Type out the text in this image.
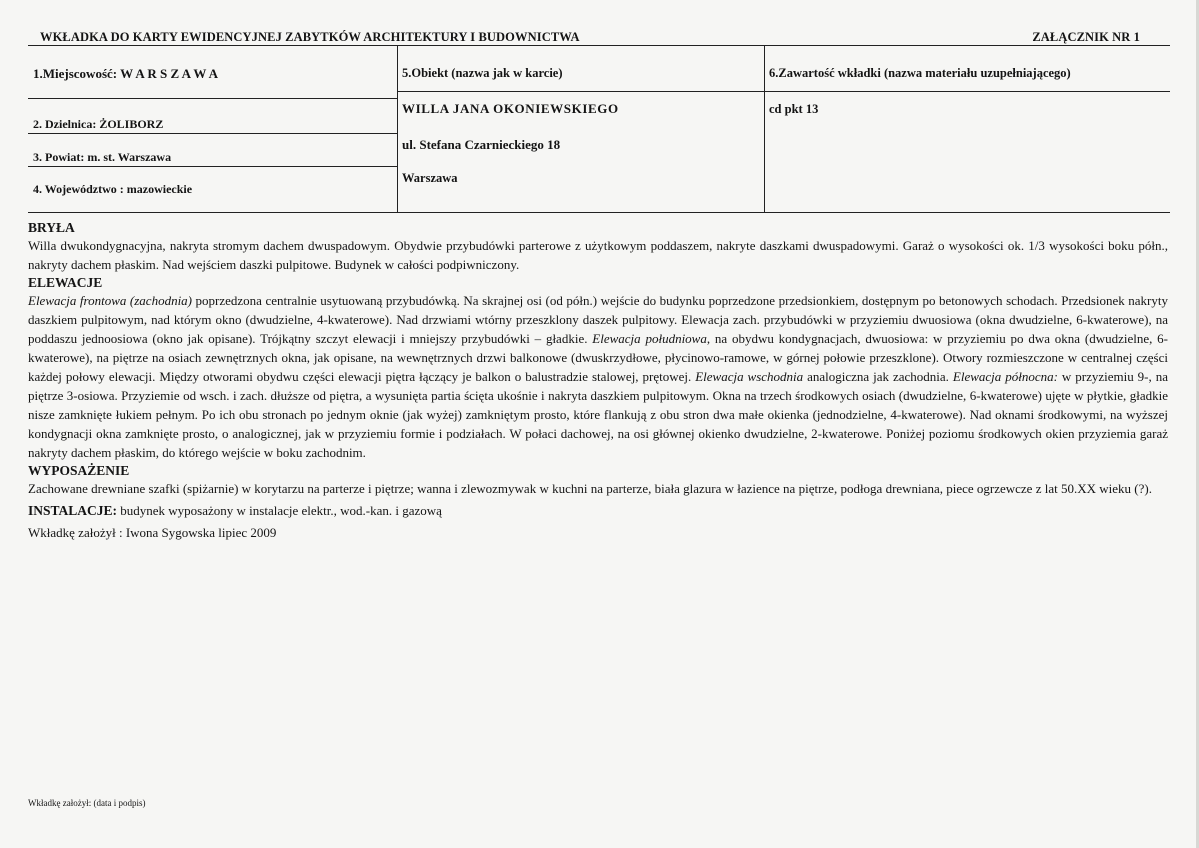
WKŁADKA DO KARTY EWIDENCYJNEJ ZABYTKÓW ARCHITEKTURY I BUDOWNICTWA	ZAŁĄCZNIK NR 1
1.Miejscowość: W A R S Z A W A
2. Dzielnica: ŻOLIBORZ
3. Powiat: m. st. Warszawa
4. Województwo : mazowieckie
5.Obiekt (nazwa jak w karcie)
WILLA JANA OKONIEWSKIEGO
ul. Stefana Czarnieckiego 18
Warszawa
6.Zawartość wkładki (nazwa materiału uzupełniającego)
cd pkt 13

BRYŁA

Willa dwukondygnacyjna, nakryta stromym dachem dwuspadowym. Obydwie przybudówki parterowe z użytkowym poddaszem, nakryte daszkami dwuspadowymi. Garaż o wysokości ok. 1/3 wysokości boku półn., nakryty dachem płaskim. Nad wejściem daszki pulpitowe. Budynek w całości podpiwniczony.

ELEWACJE

Elewacja frontowa (zachodnia) poprzedzona centralnie usytuowaną przybudówką. Na skrajnej osi (od półn.) wejście do budynku poprzedzone przedsionkiem, dostępnym po betonowych schodach. Przedsionek nakryty daszkiem pulpitowym, nad którym okno (dwudzielne, 4-kwaterowe). Nad drzwiami wtórny przeszklony daszek pulpitowy. Elewacja zach. przybudówki w przyziemiu dwuosiowa (okna dwudzielne, 6-kwaterowe), na poddaszu jednoosiowa (okno jak opisane). Trójkątny szczyt elewacji i mniejszy przybudówki – gładkie. Elewacja południowa, na obydwu kondygnacjach, dwuosiowa: w przyziemiu po dwa okna (dwudzielne, 6-kwaterowe), na piętrze na osiach zewnętrznych okna, jak opisane, na wewnętrznych drzwi balkonowe (dwuskrzydłowe, płycinowo-ramowe, w górnej połowie przeszklone). Otwory rozmieszczone w centralnej części każdej połowy elewacji. Między otworami obydwu części elewacji piętra łączący je balkon o balustradzie stalowej, prętowej. Elewacja wschodnia analogiczna jak zachodnia. Elewacja północna: w przyziemiu 9-, na piętrze 3-osiowa. Przyziemie od wsch. i zach. dłuższe od piętra, a wysunięta partia ścięta ukośnie i nakryta daszkiem pulpitowym. Okna na trzech środkowych osiach (dwudzielne, 6-kwaterowe) ujęte w płytkie, gładkie nisze zamknięte łukiem pełnym. Po ich obu stronach po jednym oknie (jak wyżej) zamkniętym prosto, które flankują z obu stron dwa małe okienka (jednodzielne, 4-kwaterowe). Nad oknami środkowymi, na wyższej kondygnacji okna zamknięte prosto, o analogicznej, jak w przyziemiu formie i podziałach. W połaci dachowej, na osi głównej okienko dwudzielne, 2-kwaterowe. Poniżej poziomu środkowych okien przyziemia garaż nakryty dachem płaskim, do którego wejście w boku zachodnim.

WYPOSAŻENIE

Zachowane drewniane szafki (spiżarnie) w korytarzu na parterze i piętrze; wanna i zlewozmywak w kuchni na parterze, biała glazura w łazience na piętrze, podłoga drewniana, piece ogrzewcze z lat 50.XX wieku (?).

INSTALACJE: budynek wyposażony w instalacje elektr., wod.-kan. i gazową

Wkładkę założył : Iwona Sygowska lipiec 2009

Wkładkę założył: (data i podpis)
